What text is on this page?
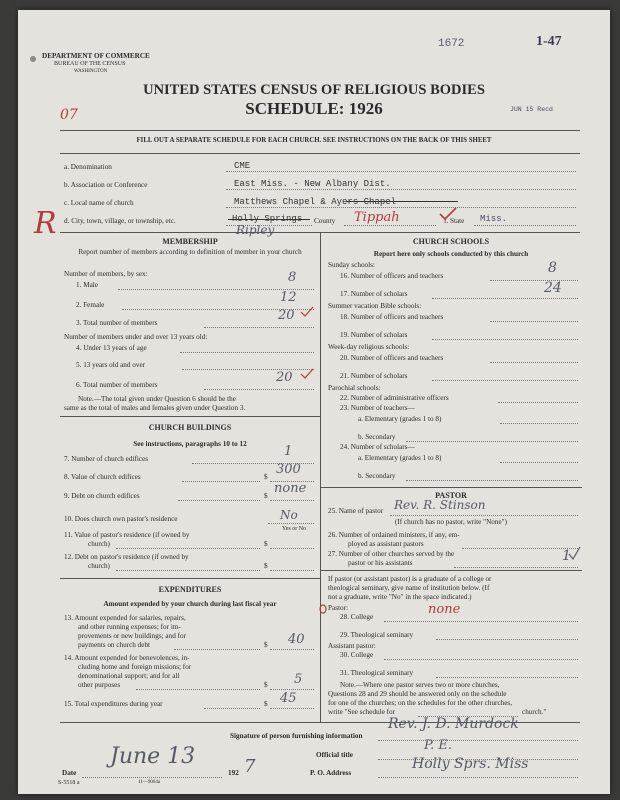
DEPARTMENT OF COMMERCE
BUREAU OF THE CENSUS
WASHINGTON
1672	1-47
UNITED STATES CENSUS OF RELIGIOUS BODIES
SCHEDULE: 1926	JUN 15 Recd
07
FILL OUT A SEPARATE SCHEDULE FOR EACH CHURCH. SEE INSTRUCTIONS ON THE BACK OF THIS SHEET
a. Denomination	CME
b. Association or Conference	East Miss. - New Albany Dist.
c. Local name of church	Matthews Chapel & Ayers Chapel
R d. City, town, village, or township, etc.	Holly Springs
Ripley
County Tippah	f. State Miss.
MEMBERSHIP
Report number of members according to definition of member in your church
Number of members, by sex:
1. Male	8
2. Female	12
3. Total number of members	20
Number of members under and over 13 years old:
4. Under 13 years of age
5. 13 years old and over
6. Total number of members	20
Note.—The total given under Question 6 should be the
same as the total of males and females given under Question 3.
CHURCH BUILDINGS
See instructions, paragraphs 10 to 12
7. Number of church edifices	1
8. Value of church edifices	$ 300
9. Debt on church edifices	$ none
10. Does church own pastor's residence	No
Yes or No
11. Value of pastor's residence (if owned by
church)	$
12. Debt on pastor's residence (if owned by
church)	$
EXPENDITURES
Amount expended by your church during last fiscal year
13. Amount expended for salaries, repairs,
and other running expenses; for im-
provements or new buildings; and for
payments on church debt	$ 40
14. Amount expended for benevolences, in-
cluding home and foreign missions; for
denominational support; and for all
other purposes	$ 5
15. Total expenditures during year	$ 45
CHURCH SCHOOLS
Report here only schools conducted by this church
Sunday schools:
16. Number of officers and teachers	8
17. Number of scholars	24
Summer vacation Bible schools:
18. Number of officers and teachers
19. Number of scholars
Week-day religious schools:
20. Number of officers and teachers
21. Number of scholars
Parochial schools:
22. Number of administrative officers
23. Number of teachers—
a. Elementary (grades 1 to 8)
b. Secondary
24. Number of scholars—
a. Elementary (grades 1 to 8)
b. Secondary
PASTOR
25. Name of pastor Rev. R. Stinson
(If church has no pastor, write "None")
26. Number of ordained ministers, if any, em-
ployed as assistant pastors
27. Number of other churches served by the
pastor or his assistants	1
If pastor (or assistant pastor) is a graduate of a college or
theological seminary, give name of institution below. (If
not a graduate, write "No" in the space indicated.)
Pastor:
28. College	none
29. Theological seminary
Assistant pastor:
30. College
31. Theological seminary
Note.—Where one pastor serves two or more churches,
Questions 28 and 29 should be answered only on the schedule
for one of the churches; on the schedules for the other churches,
write "See schedule for	church."
Signature of person furnishing information
Rev. J. D. Murdock
Official title
P. E.
Date
June 13
192 7	P. O. Address
Holly Sprs. Miss
S-5518 a	11—9064a
